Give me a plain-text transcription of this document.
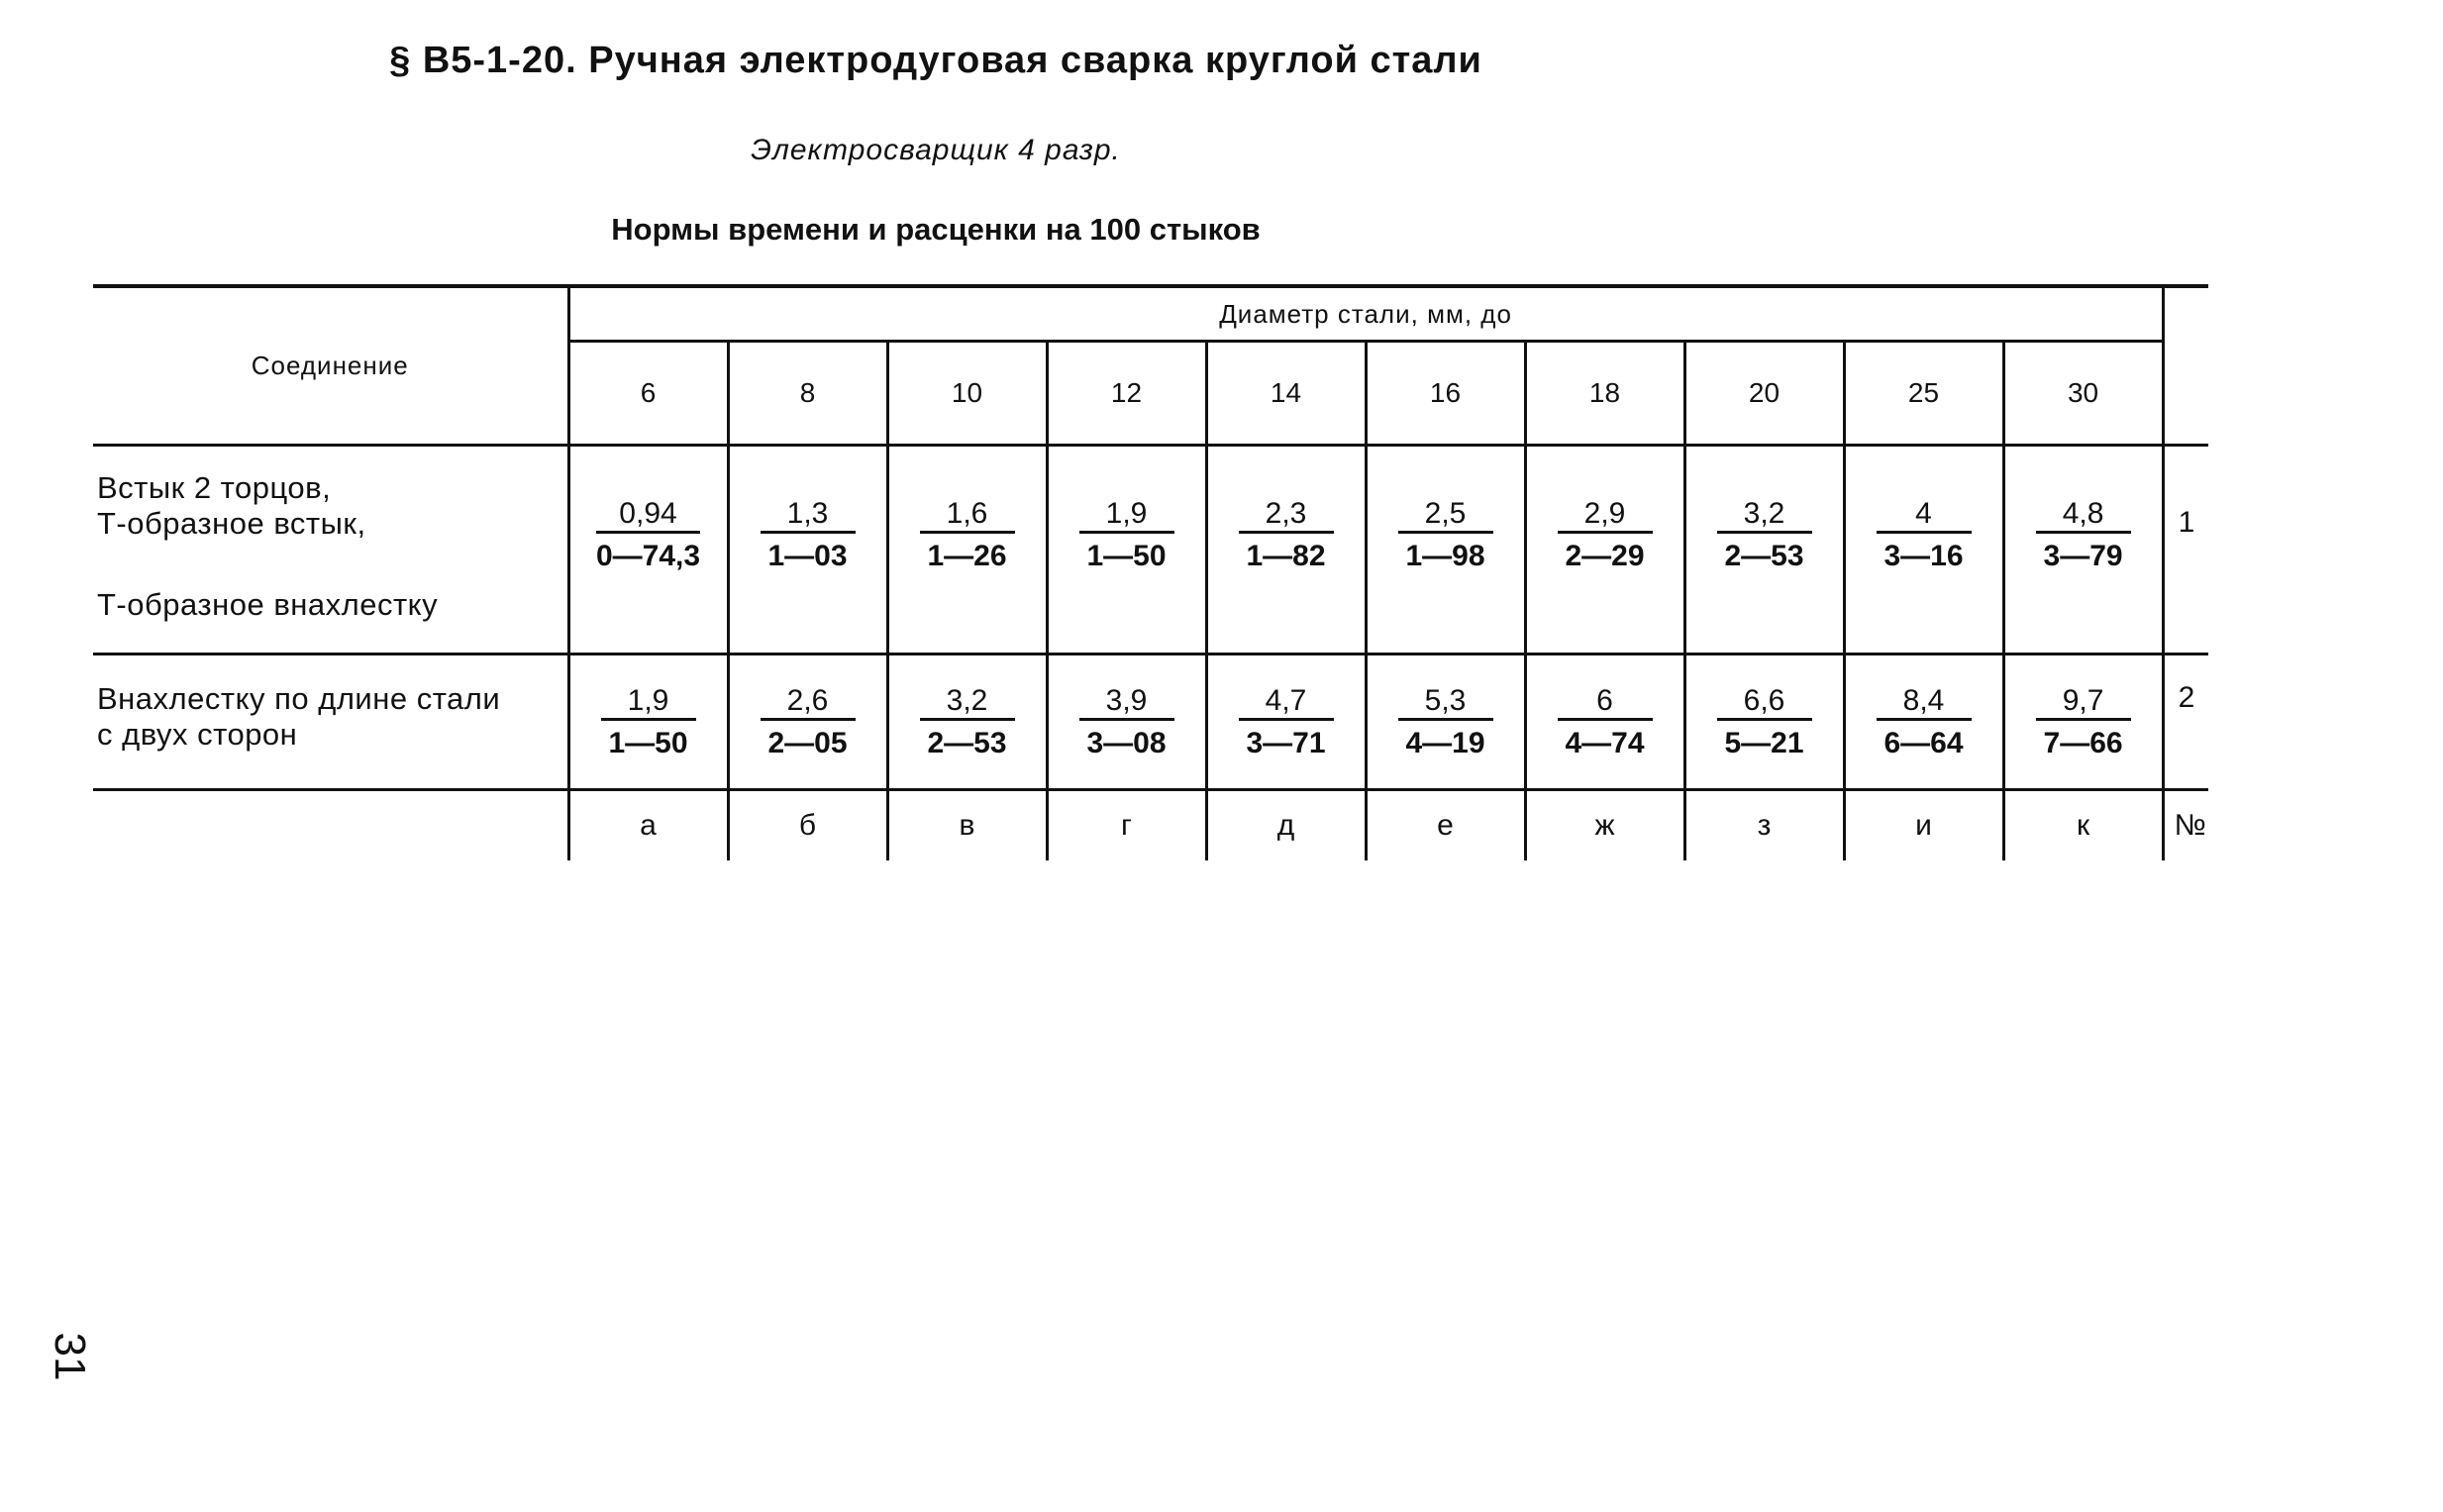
§ В5-1-20. Ручная электродуговая сварка круглой стали
Электросварщик 4 разр.
Нормы времени и расценки на 100 стыков
Соединение	Диаметр стали, мм, до										
	6	8	10	12	14	16	18	20	25	30	

Встык 2 торцов,
Т-образное встык,
Т-образное внахлестку	$\frac{0,94}{0—74,3}$	$\frac{1,3}{1—03}$	$\frac{1,6}{1—26}$	$\frac{1,9}{1—50}$	$\frac{2,3}{1—82}$	$\frac{2,5}{1—98}$	$\frac{2,9}{2—29}$	$\frac{3,2}{2—53}$	$\frac{4}{3—16}$	$\frac{4,8}{3—79}$	1

Внахлестку по длине стали
с двух сторон	$\frac{1,9}{1—50}$	$\frac{2,6}{2—05}$	$\frac{3,2}{2—53}$	$\frac{3,9}{3—08}$	$\frac{4,7}{3—71}$	$\frac{5,3}{4—19}$	$\frac{6}{4—74}$	$\frac{6,6}{5—21}$	$\frac{8,4}{6—64}$	$\frac{9,7}{7—66}$	2
	а	б	в	г	д	е	ж	з	и	к	№
31
